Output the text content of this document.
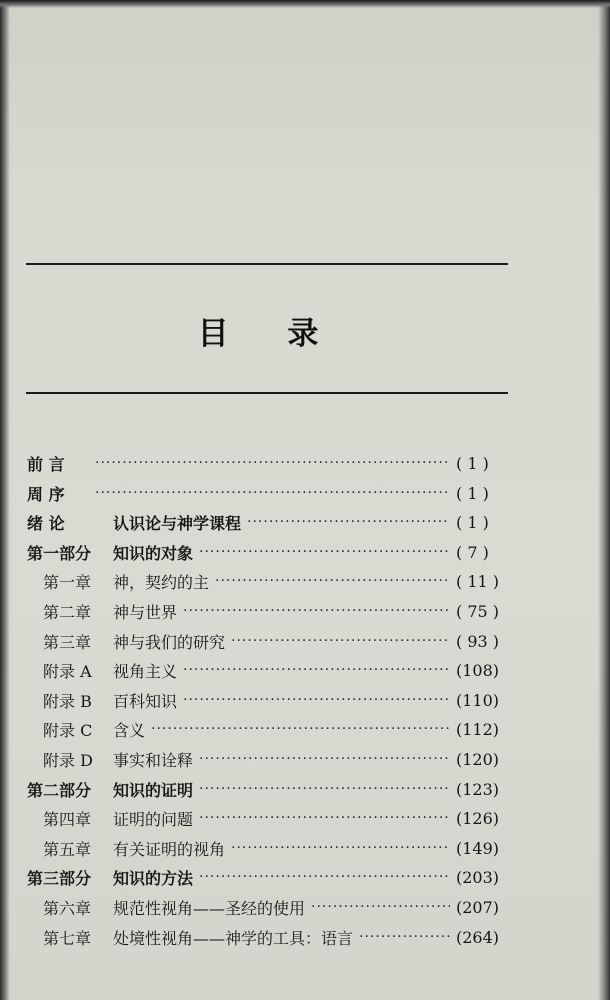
目 录
前 言 ·····	( 1 )
周 序 ·····	( 1 )
绪 论	认识论与神学课程 ·····	( 1 )
第一部分	知识的对象 ·····	( 7 )
第一章	神，契约的主 ·····	( 11 )
第二章	神与世界 ·····	( 75 )
第三章	神与我们的研究 ·····	( 93 )
附录 A	视角主义 ·····	(108)
附录 B	百科知识 ·····	(110)
附录 C	含义 ·····	(112)
附录 D	事实和诠释 ·····	(120)
第二部分	知识的证明 ·····	(123)
第四章	证明的问题 ·····	(126)
第五章	有关证明的视角 ·····	(149)
第三部分	知识的方法 ·····	(203)
第六章	规范性视角——圣经的使用 ·····	(207)
第七章	处境性视角——神学的工具：语言 ·····	(264)
